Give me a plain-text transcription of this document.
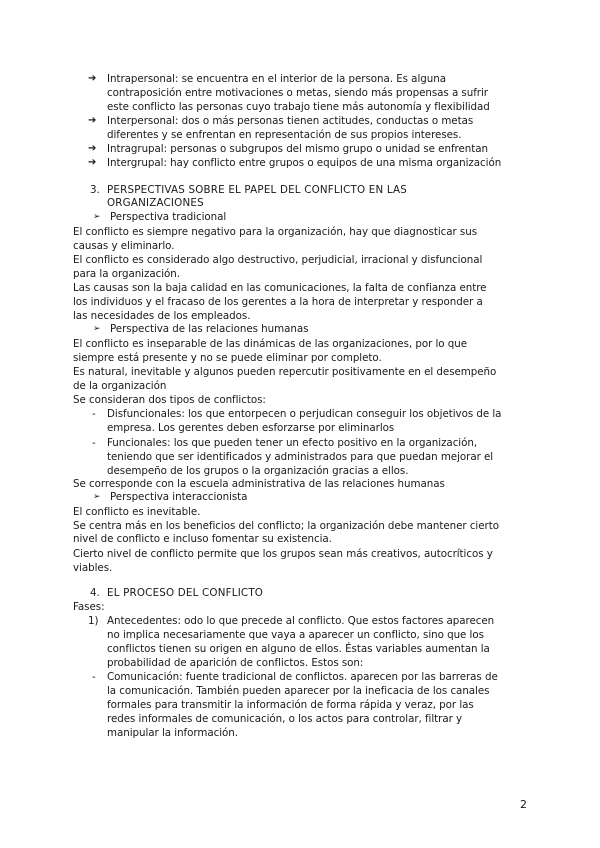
➔ Intrapersonal: se encuentra en el interior de la persona. Es alguna
contraposición entre motivaciones o metas, siendo más propensas a sufrir
este conflicto las personas cuyo trabajo tiene más autonomía y flexibilidad
➔ Interpersonal: dos o más personas tienen actitudes, conductas o metas
diferentes y se enfrentan en representación de sus propios intereses.
➔ Intragrupal: personas o subgrupos del mismo grupo o unidad se enfrentan
➔ Intergrupal: hay conflicto entre grupos o equipos de una misma organización
3. PERSPECTIVAS SOBRE EL PAPEL DEL CONFLICTO EN LAS
ORGANIZACIONES
➢ Perspectiva tradicional
El conflicto es siempre negativo para la organización, hay que diagnosticar sus
causas y eliminarlo.
El conflicto es considerado algo destructivo, perjudicial, irracional y disfuncional
para la organización.
Las causas son la baja calidad en las comunicaciones, la falta de confianza entre
los individuos y el fracaso de los gerentes a la hora de interpretar y responder a
las necesidades de los empleados.
➢ Perspectiva de las relaciones humanas
El conflicto es inseparable de las dinámicas de las organizaciones, por lo que
siempre está presente y no se puede eliminar por completo.
Es natural, inevitable y algunos pueden repercutir positivamente en el desempeño
de la organización
Se consideran dos tipos de conflictos:
- Disfuncionales: los que entorpecen o perjudican conseguir los objetivos de la
empresa. Los gerentes deben esforzarse por eliminarlos
- Funcionales: los que pueden tener un efecto positivo en la organización,
teniendo que ser identificados y administrados para que puedan mejorar el
desempeño de los grupos o la organización gracias a ellos.
Se corresponde con la escuela administrativa de las relaciones humanas
➢ Perspectiva interaccionista
El conflicto es inevitable.
Se centra más en los beneficios del conflicto; la organización debe mantener cierto
nivel de conflicto e incluso fomentar su existencia.
Cierto nivel de conflicto permite que los grupos sean más creativos, autocríticos y
viables.
4. EL PROCESO DEL CONFLICTO
Fases:
1) Antecedentes: odo lo que precede al conflicto. Que estos factores aparecen
no implica necesariamente que vaya a aparecer un conflicto, sino que los
conflictos tienen su origen en alguno de ellos. Éstas variables aumentan la
probabilidad de aparición de conflictos. Estos son:
- Comunicación: fuente tradicional de conflictos. aparecen por las barreras de
la comunicación. También pueden aparecer por la ineficacia de los canales
formales para transmitir la información de forma rápida y veraz, por las
redes informales de comunicación, o los actos para controlar, filtrar y
manipular la información.
2
